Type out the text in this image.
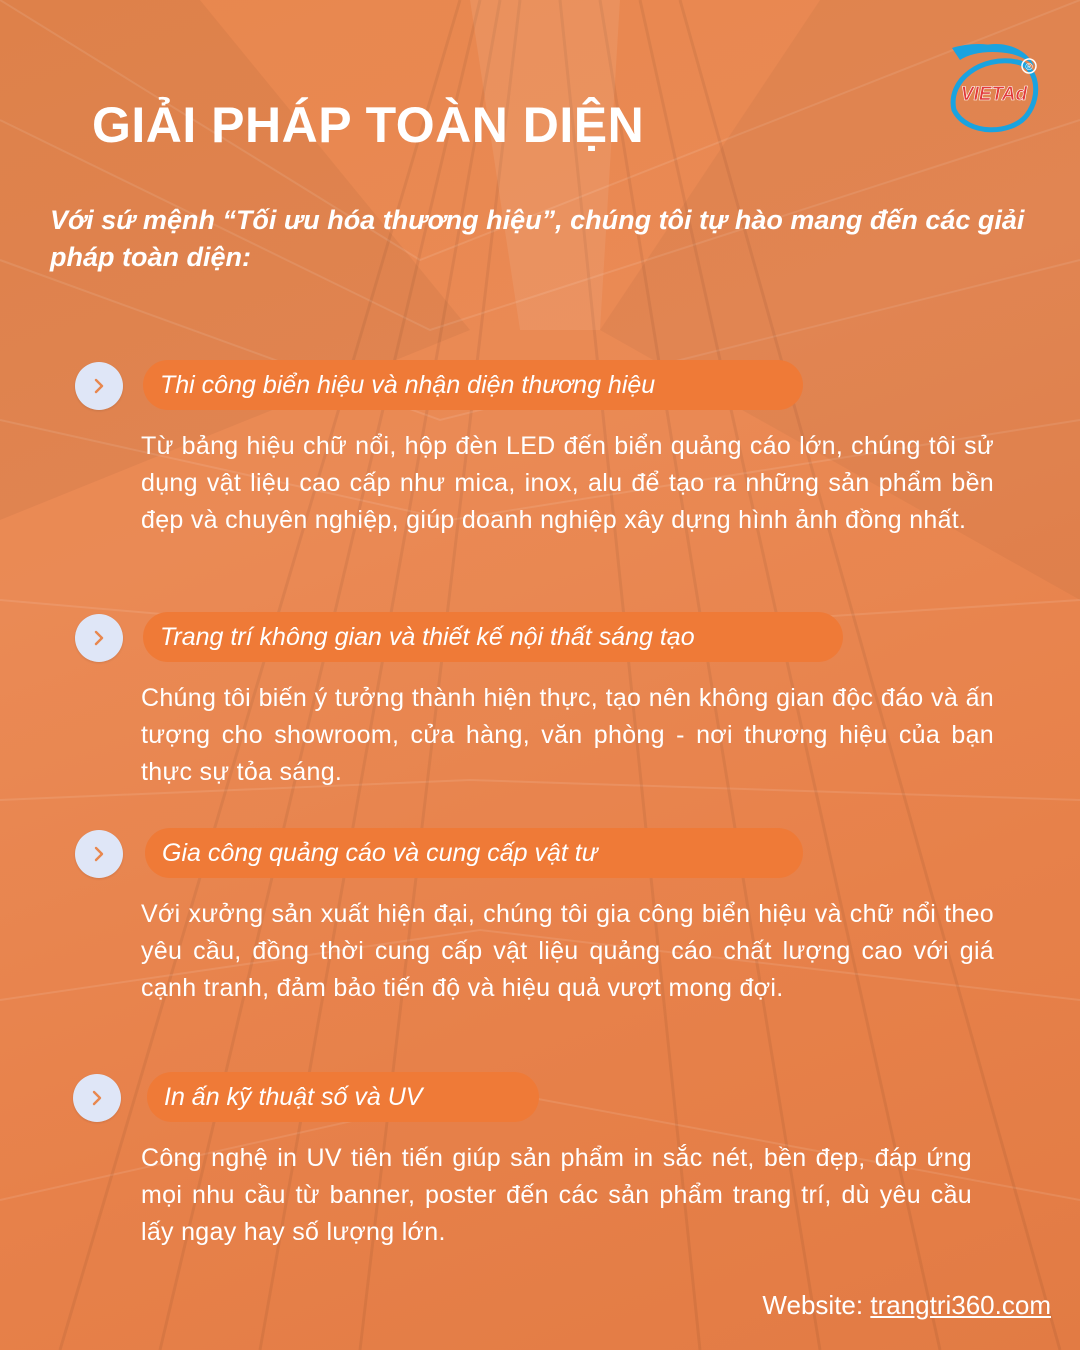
®
VIETAd
GIẢI PHÁP TOÀN DIỆN
Với sứ mệnh “Tối ưu hóa thương hiệu”, chúng tôi tự hào mang đến các giải pháp toàn diện:
Thi công biển hiệu và nhận diện thương hiệu
Từ bảng hiệu chữ nổi, hộp đèn LED đến biển quảng cáo lớn, chúng tôi sử dụng vật liệu cao cấp như mica, inox, alu để tạo ra những sản phẩm bền đẹp và chuyên nghiệp, giúp doanh nghiệp xây dựng hình ảnh đồng nhất.
Trang trí không gian và thiết kế nội thất sáng tạo
Chúng tôi biến ý tưởng thành hiện thực, tạo nên không gian độc đáo và ấn tượng cho showroom, cửa hàng, văn phòng - nơi thương hiệu của bạn thực sự tỏa sáng.
Gia công quảng cáo và cung cấp vật tư
Với xưởng sản xuất hiện đại, chúng tôi gia công biển hiệu và chữ nổi theo yêu cầu, đồng thời cung cấp vật liệu quảng cáo chất lượng cao với giá cạnh tranh, đảm bảo tiến độ và hiệu quả vượt mong đợi.
In ấn kỹ thuật số và UV
Công nghệ in UV tiên tiến giúp sản phẩm in sắc nét, bền đẹp, đáp ứng mọi nhu cầu từ banner, poster đến các sản phẩm trang trí, dù yêu cầu lấy ngay hay số lượng lớn.
Website: trangtri360.com
